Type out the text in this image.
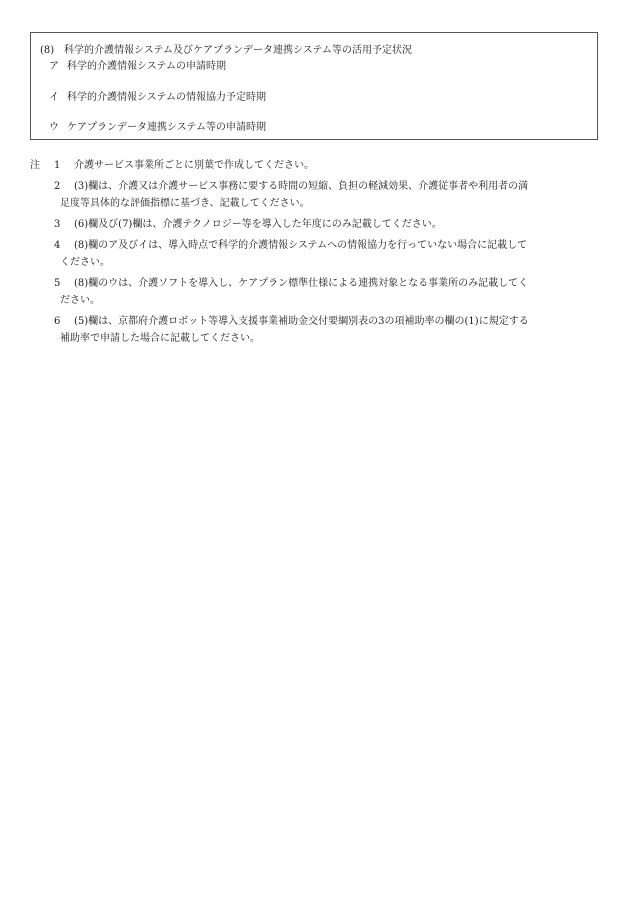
(8) 科学的介護情報システム及びケアプランデータ連携システム等の活用予定状況
ア 科学的介護情報システムの申請時期
イ 科学的介護情報システムの情報協力予定時期
ウ ケアプランデータ連携システム等の申請時期
注 1 介護サービス事業所ごとに別葉で作成してください。
2 (3)欄は、介護又は介護サービス事務に要する時間の短縮、負担の軽減効果、介護従事者や利用者の満
足度等具体的な評価指標に基づき、記載してください。
3 (6)欄及び(7)欄は、介護テクノロジー等を導入した年度にのみ記載してください。
4 (8)欄のア及びイは、導入時点で科学的介護情報システムへの情報協力を行っていない場合に記載して
ください。
5 (8)欄のウは、介護ソフトを導入し、ケアプラン標準仕様による連携対象となる事業所のみ記載してく
ださい。
6 (5)欄は、京都府介護ロボット等導入支援事業補助金交付要綱別表の3の項補助率の欄の(1)に規定する
補助率で申請した場合に記載してください。
